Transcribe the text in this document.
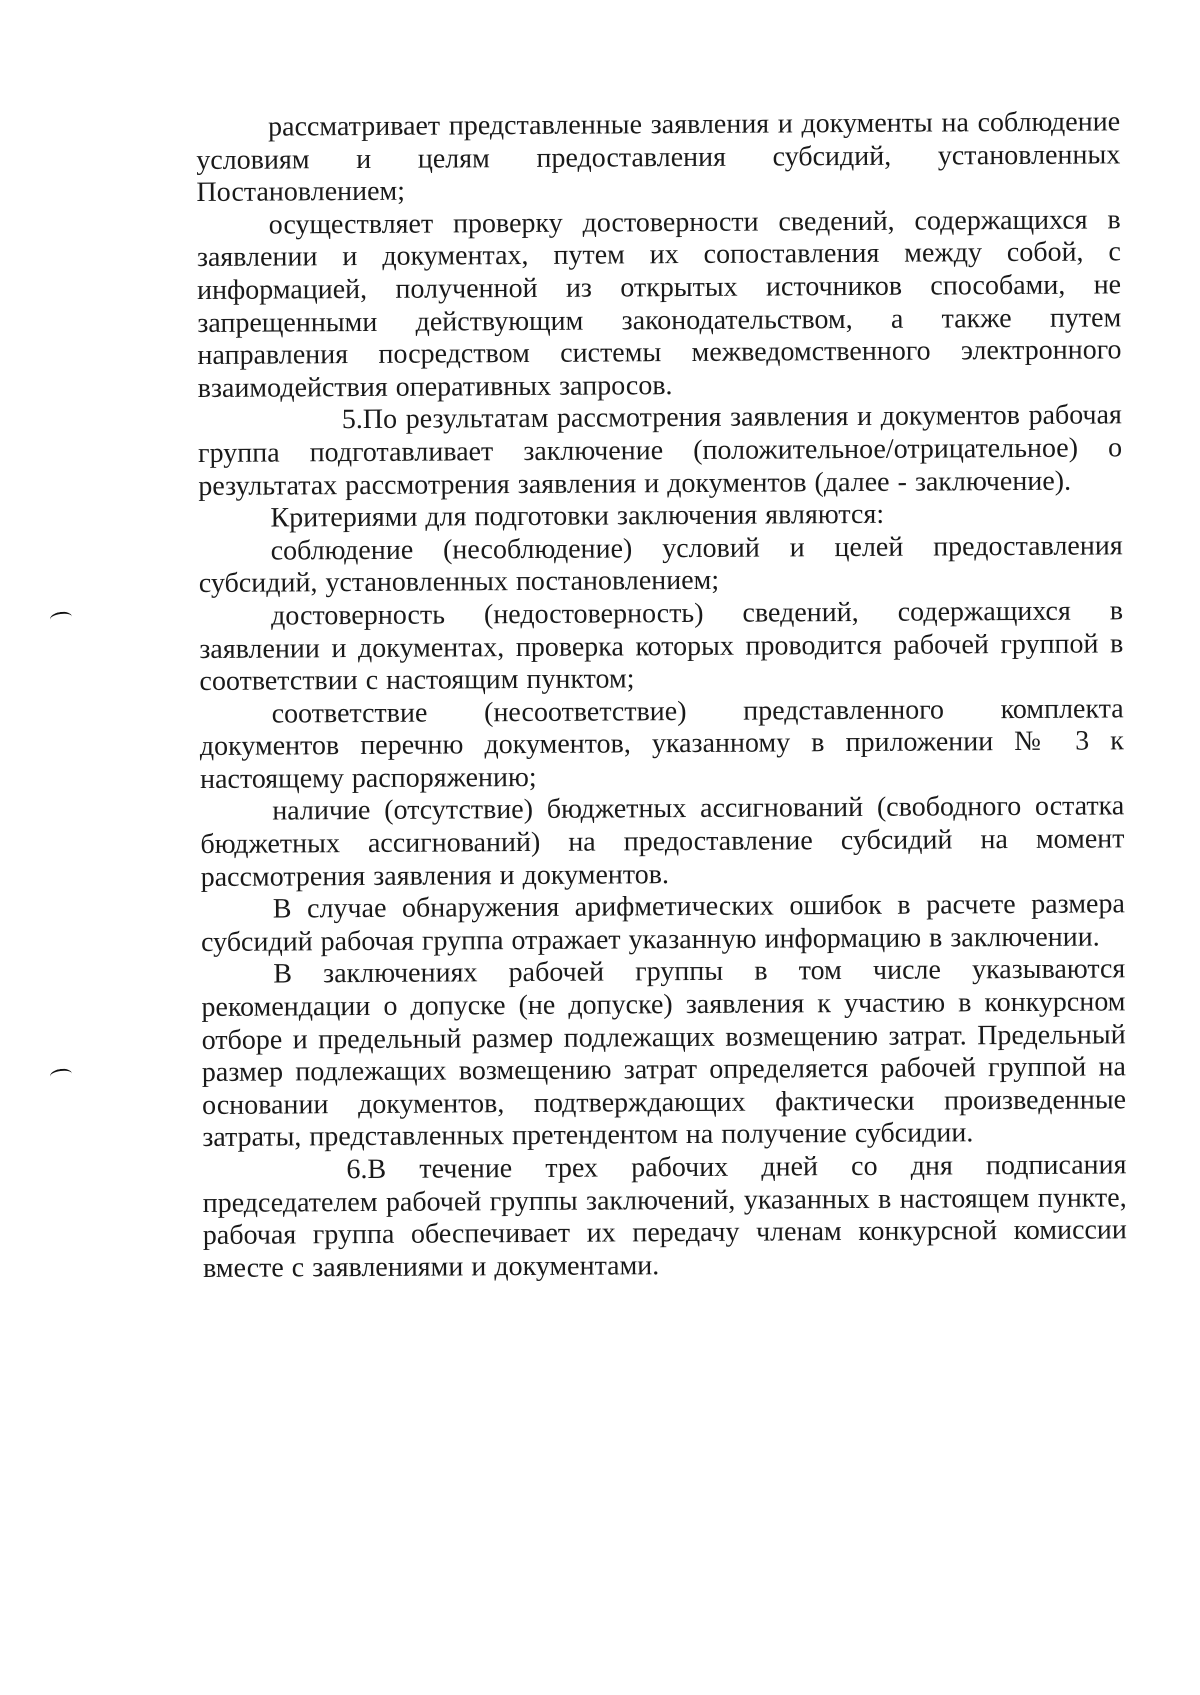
рассматривает представленные заявления и документы на соблюдение условиям и целям предоставления субсидий, установленных Постановлением;

осуществляет проверку достоверности сведений, содержащихся в заявлении и документах, путем их сопоставления между собой, с информацией, полученной из открытых источников способами, не запрещенными действующим законодательством, а также путем направления посредством системы межведомственного электронного взаимодействия оперативных запросов.

5.По результатам рассмотрения заявления и документов рабочая группа подготавливает заключение (положительное/отрицательное) о результатах рассмотрения заявления и документов (далее - заключение).

Критериями для подготовки заключения являются:

соблюдение (несоблюдение) условий и целей предоставления субсидий, установленных постановлением;

достоверность (недостоверность) сведений, содержащихся в заявлении и документах, проверка которых проводится рабочей группой в соответствии с настоящим пунктом;

соответствие (несоответствие) представленного комплекта документов перечню документов, указанному в приложении № 3 к настоящему распоряжению;

наличие (отсутствие) бюджетных ассигнований (свободного остатка бюджетных ассигнований) на предоставление субсидий на момент рассмотрения заявления и документов.

В случае обнаружения арифметических ошибок в расчете размера субсидий рабочая группа отражает указанную информацию в заключении.

В заключениях рабочей группы в том числе указываются рекомендации о допуске (не допуске) заявления к участию в конкурсном отборе и предельный размер подлежащих возмещению затрат. Предельный размер подлежащих возмещению затрат определяется рабочей группой на основании документов, подтверждающих фактически произведенные затраты, представленных претендентом на получение субсидии.

6.В течение трех рабочих дней со дня подписания председателем рабочей группы заключений, указанных в настоящем пункте, рабочая группа обеспечивает их передачу членам конкурсной комиссии вместе с заявлениями и документами.
